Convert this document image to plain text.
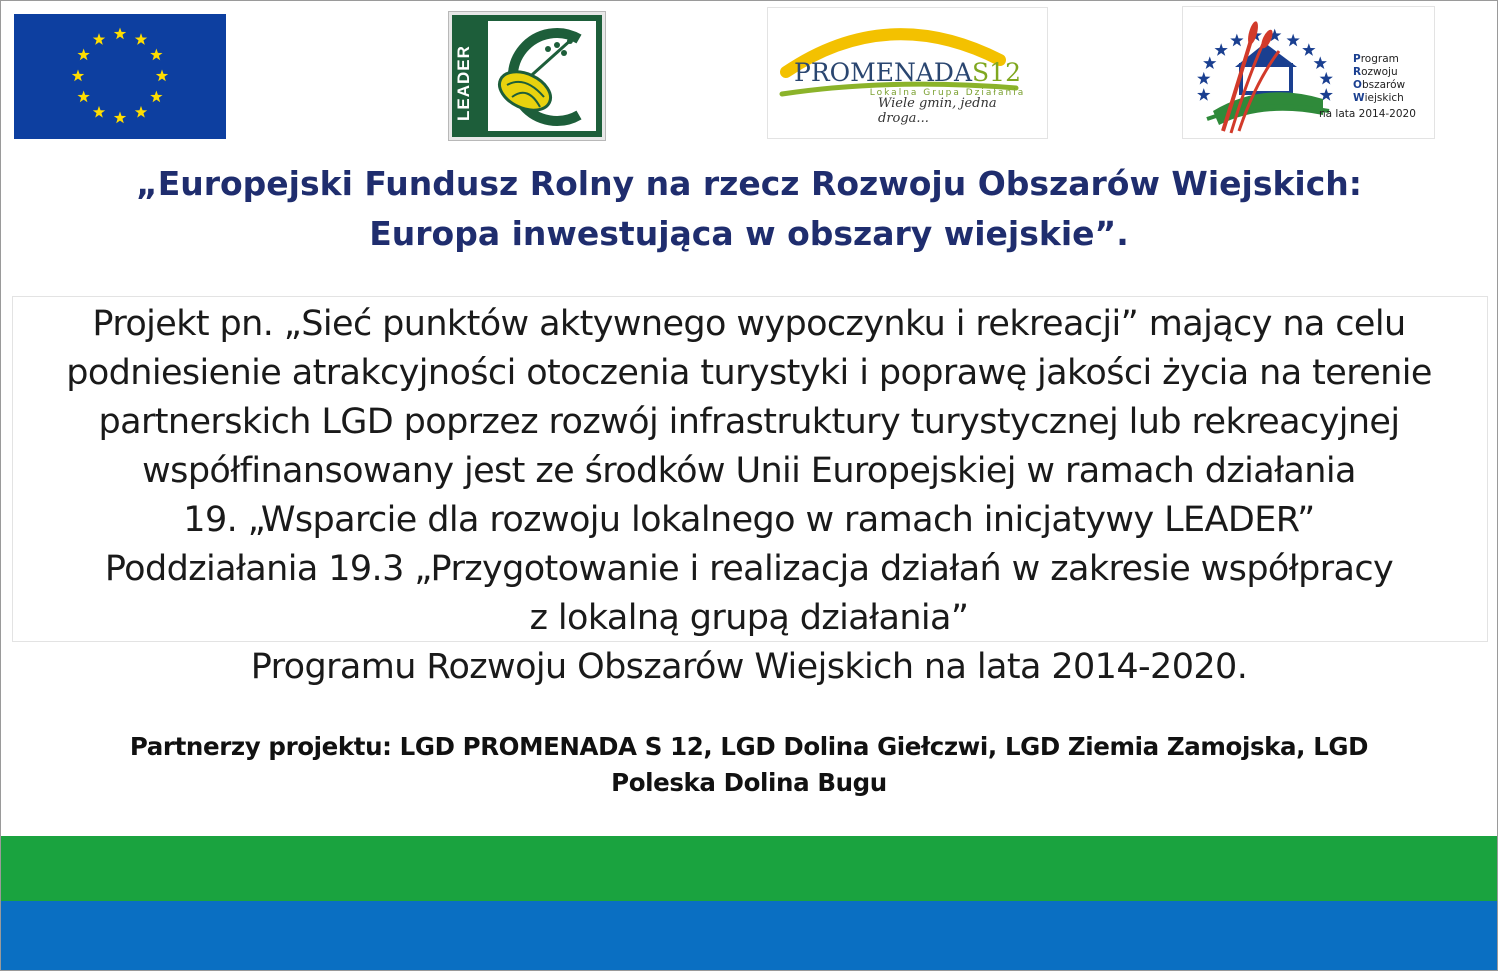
LEADER	PROMENADAS12
Lokalna Grupa Działania
Wiele gmin, jedna droga...
Program
Rozwoju
Obszarów
Wiejskich
na lata 2014-2020
„Europejski Fundusz Rolny na rzecz Rozwoju Obszarów Wiejskich:
Europa inwestująca w obszary wiejskie”.

Projekt pn. „Sieć punktów aktywnego wypoczynku i rekreacji” mający na celu
podniesienie atrakcyjności otoczenia turystyki i poprawę jakości życia na terenie
partnerskich LGD poprzez rozwój infrastruktury turystycznej lub rekreacyjnej
współfinansowany jest ze środków Unii Europejskiej w ramach działania
19. „Wsparcie dla rozwoju lokalnego w ramach inicjatywy LEADER”
Poddziałania 19.3 „Przygotowanie i realizacja działań w zakresie współpracy
z lokalną grupą działania”
Programu Rozwoju Obszarów Wiejskich na lata 2014-2020.

Partnerzy projektu: LGD PROMENADA S 12, LGD Dolina Giełczwi, LGD Ziemia Zamojska, LGD
Poleska Dolina Bugu
